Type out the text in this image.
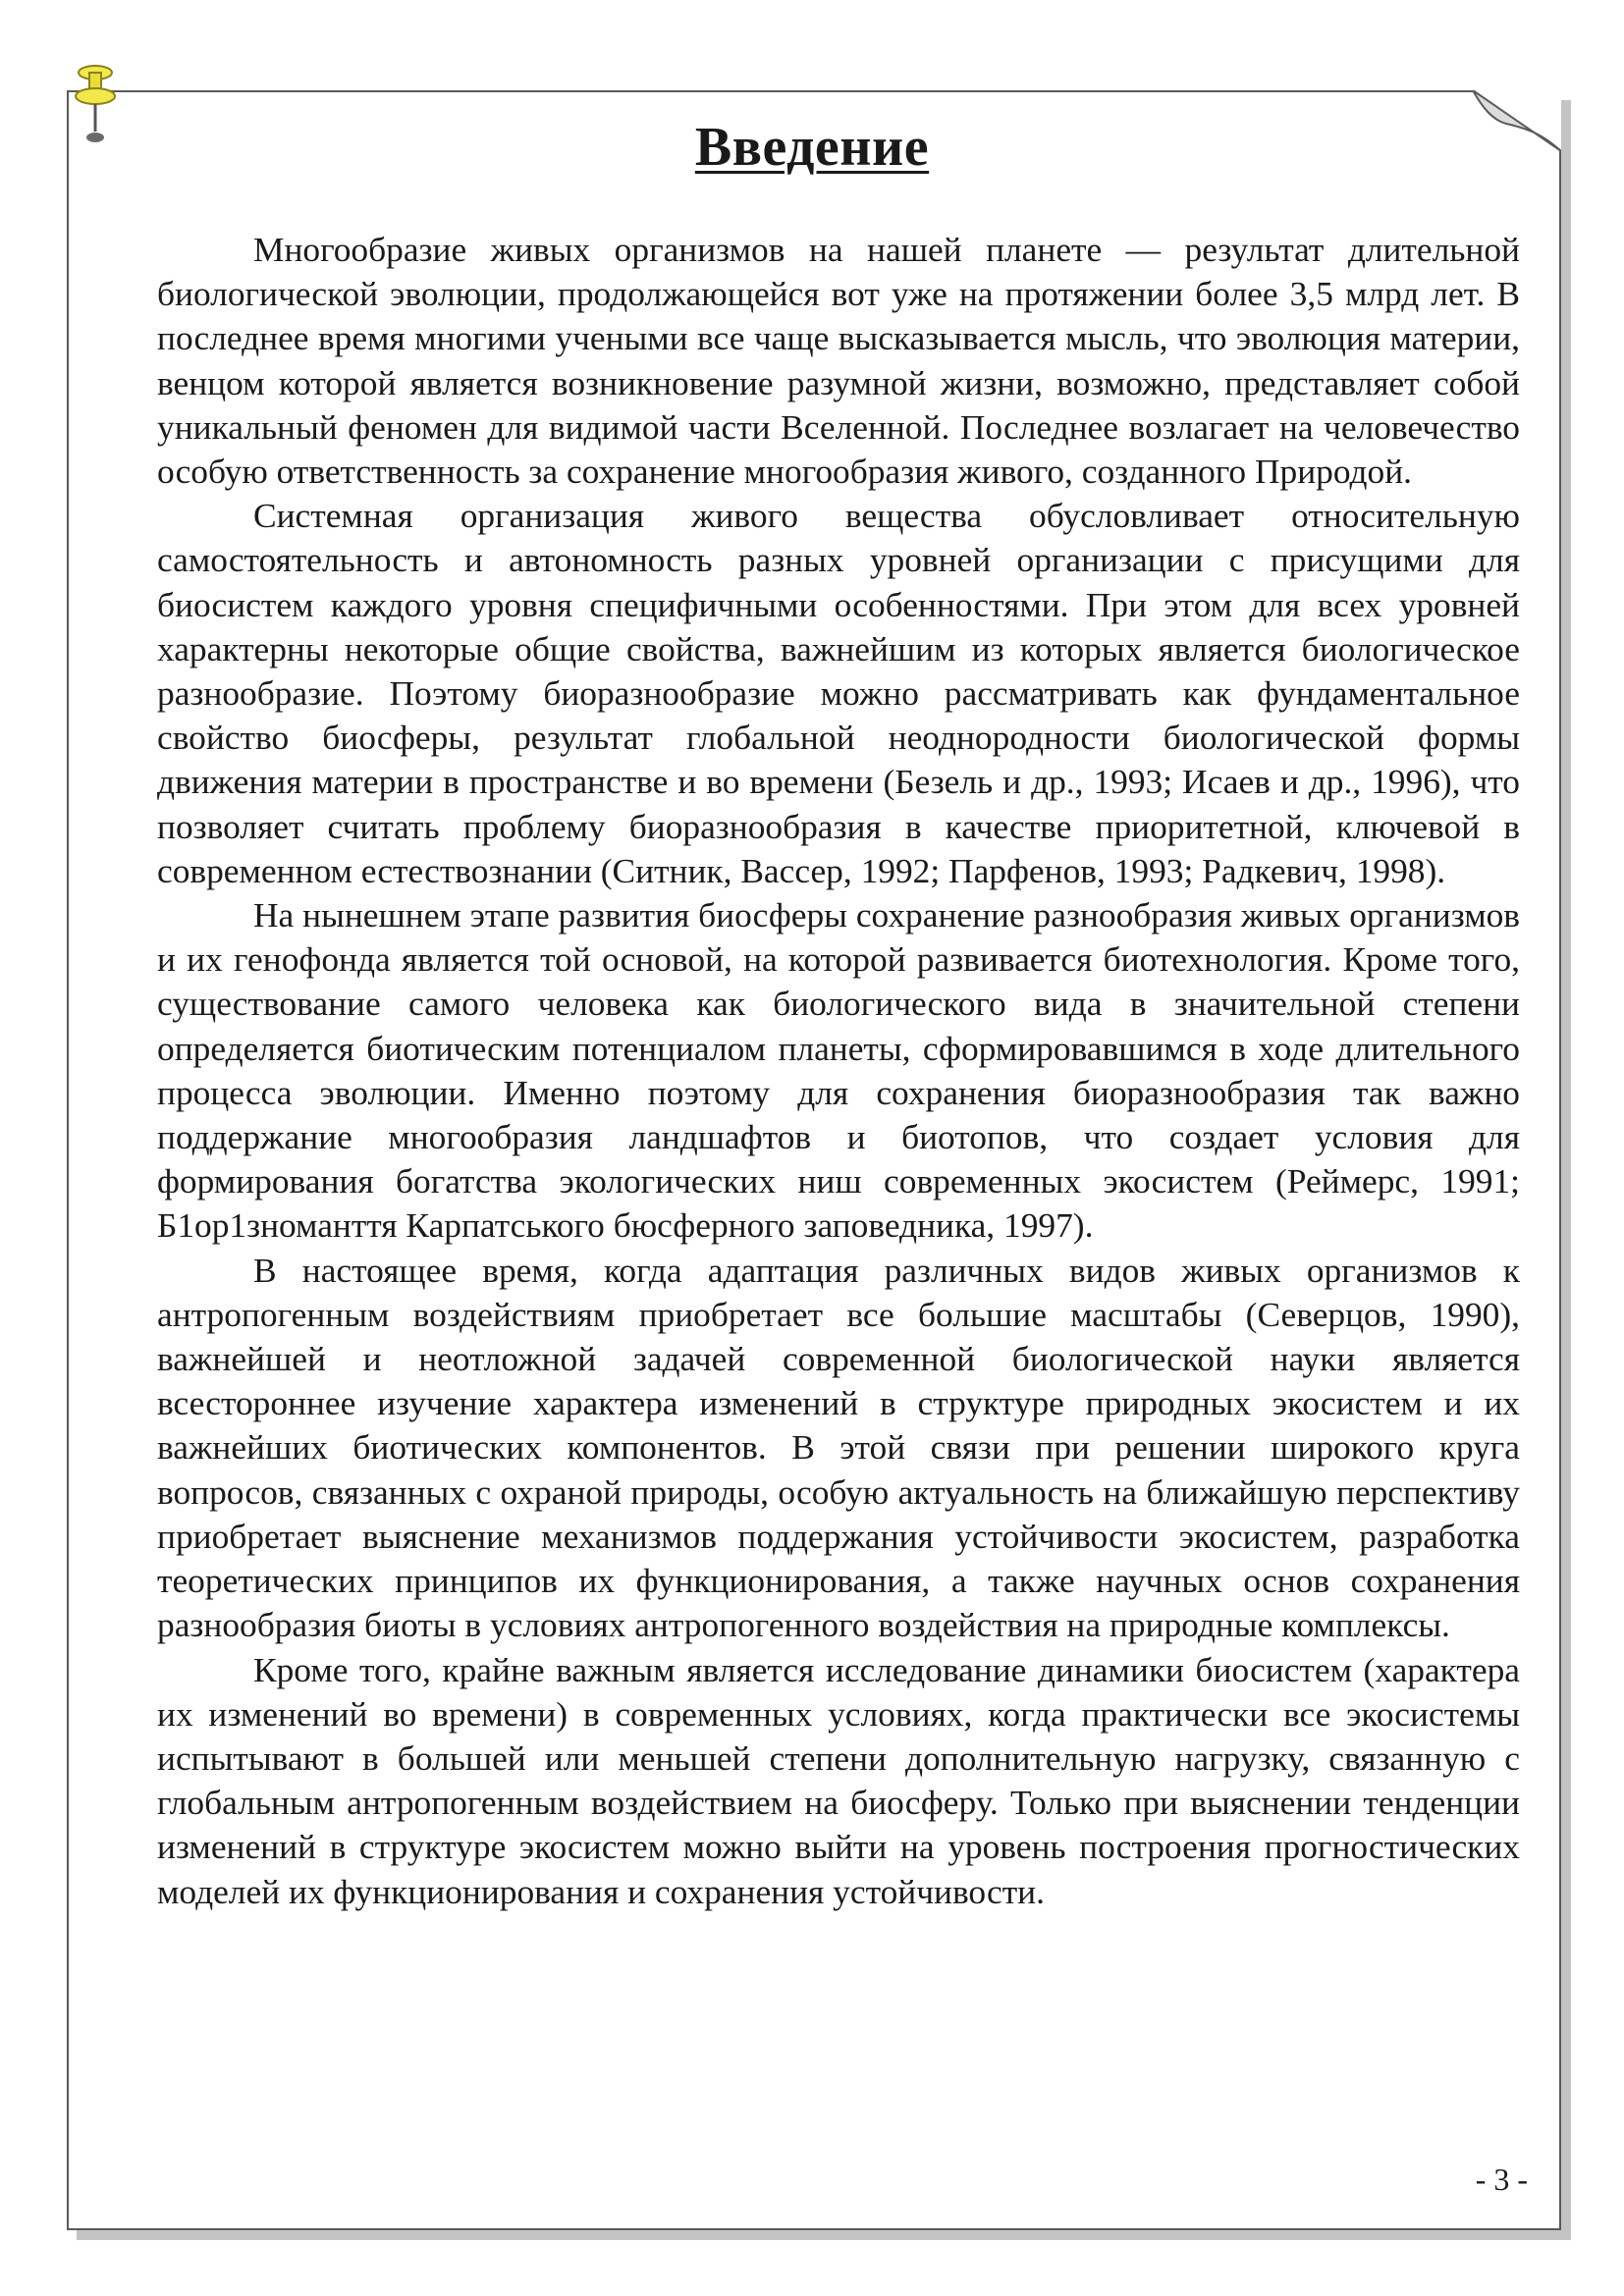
Введение

Многообразие живых организмов на нашей планете — результат длительной биологической эволюции, продолжающейся вот уже на протяжении более 3,5 млрд лет. В последнее время многими учеными все чаще высказывается мысль, что эволюция материи, венцом которой является возникновение разумной жизни, возможно, представляет собой уникальный феномен для видимой части Вселенной. Последнее возлагает на человечество особую ответственность за сохранение многообразия живого, созданного Природой.

Системная организация живого вещества обусловливает относительную самостоятельность и автономность разных уровней организации с присущими для биосистем каждого уровня специфичными особенностями. При этом для всех уровней характерны некоторые общие свойства, важнейшим из которых является биологическое разнообразие. Поэтому биоразнообразие можно рассматривать как фундаментальное свойство биосферы, результат глобальной неоднородности биологической формы движения материи в пространстве и во времени (Безель и др., 1993; Исаев и др., 1996), что позволяет считать проблему биоразнообразия в качестве приоритетной, ключевой в современном естествознании (Ситник, Вассер, 1992; Парфенов, 1993; Радкевич, 1998).

На нынешнем этапе развития биосферы сохранение разнообразия живых организмов и их генофонда является той основой, на которой развивается биотехнология. Кроме того, существование самого человека как биологического вида в значительной степени определяется биотическим потенциалом планеты, сформировавшимся в ходе длительного процесса эволюции. Именно поэтому для сохранения биоразнообразия так важно поддержание многообразия ландшафтов и биотопов, что создает условия для формирования богатства экологических ниш современных экосистем (Реймерс, 1991; Б1ор1зноманття Карпатського бюсферного заповедника, 1997).

В настоящее время, когда адаптация различных видов живых организмов к антропогенным воздействиям приобретает все большие масштабы (Северцов, 1990), важнейшей и неотложной задачей современной биологической науки является всестороннее изучение характера изменений в структуре природных экосистем и их важнейших биотических компонентов. В этой связи при решении широкого круга вопросов, связанных с охраной природы, особую актуальность на ближайшую перспективу приобретает выяснение механизмов поддержания устойчивости экосистем, разработка теоретических принципов их функционирования, а также научных основ сохранения разнообразия биоты в условиях антропогенного воздействия на природные комплексы.

Кроме того, крайне важным является исследование динамики биосистем (характера их изменений во времени) в современных условиях, когда практически все экосистемы испытывают в большей или меньшей степени дополнительную нагрузку, связанную с глобальным антропогенным воздействием на биосферу. Только при выяснении тенденции изменений в структуре экосистем можно выйти на уровень построения прогностических моделей их функционирования и сохранения устойчивости.

- 3 -
